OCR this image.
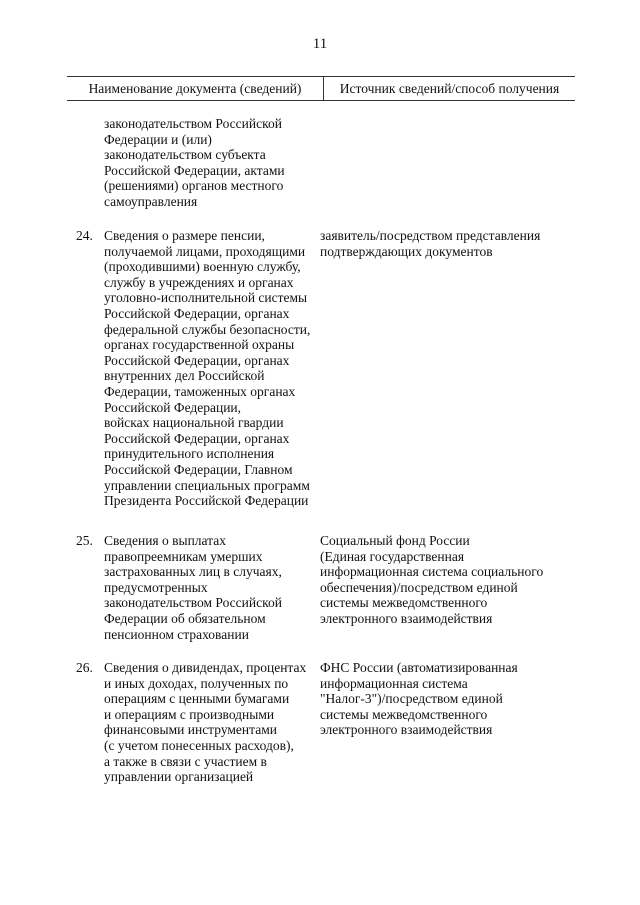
11
Наименование документа (сведений)	Источник сведений/способ получения
законодательством Российской
Федерации и (или)
законодательством субъекта
Российской Федерации, актами
(решениями) органов местного
самоуправления
24. Сведения о размере пенсии,
получаемой лицами, проходящими
(проходившими) военную службу,
службу в учреждениях и органах
уголовно-исполнительной системы
Российской Федерации, органах
федеральной службы безопасности,
органах государственной охраны
Российской Федерации, органах
внутренних дел Российской
Федерации, таможенных органах
Российской Федерации,
войсках национальной гвардии
Российской Федерации, органах
принудительного исполнения
Российской Федерации, Главном
управлении специальных программ
Президента Российской Федерации
заявитель/посредством представления
подтверждающих документов
25. Сведения о выплатах
правопреемникам умерших
застрахованных лиц в случаях,
предусмотренных
законодательством Российской
Федерации об обязательном
пенсионном страховании
Социальный фонд России
(Единая государственная
информационная система социального
обеспечения)/посредством единой
системы межведомственного
электронного взаимодействия
26. Сведения о дивидендах, процентах
и иных доходах, полученных по
операциям с ценными бумагами
и операциям с производными
финансовыми инструментами
(с учетом понесенных расходов),
а также в связи с участием в
управлении организацией
ФНС России (автоматизированная
информационная система
"Налог-3")/посредством единой
системы межведомственного
электронного взаимодействия
